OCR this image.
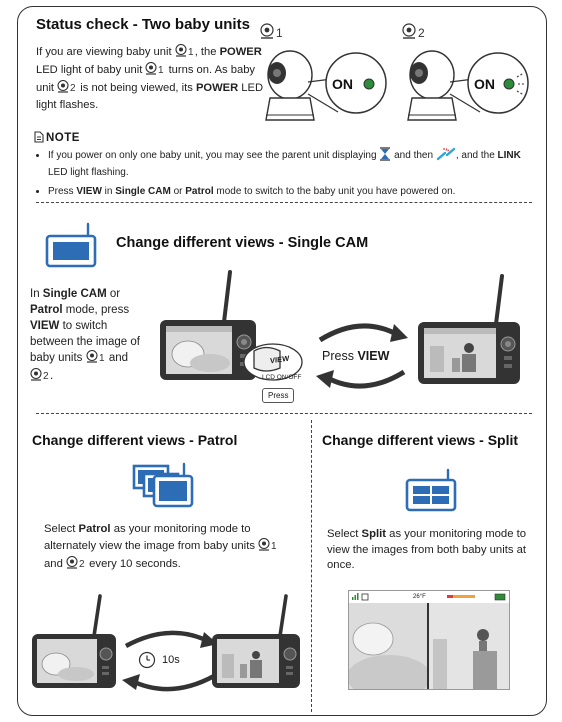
Status check - Two baby units
If you are viewing baby unit 1 , the POWER LED light of baby unit 1 turns on. As baby unit 2 is not being viewed, its POWER LED light flashes.
1
ON
2
ON
NOTE
• If you power on only one baby unit, you may see the parent unit displaying and then , and the LINK LED light flashing.
• Press VIEW in Single CAM or Patrol mode to switch to the baby unit you have powered on.
Change different views - Single CAM
In Single CAM or Patrol mode, press VIEW to switch between the image of baby units 1 and
2 .
VIEW
LCD ON/OFF
Press
Press VIEW
Change different views - Patrol
Select Patrol as your monitoring mode to alternately view the image from baby units 1
and 2 every 10 seconds.
10s
Change different views - Split
Select Split as your monitoring mode to view the images from both baby units at once.
26°F
